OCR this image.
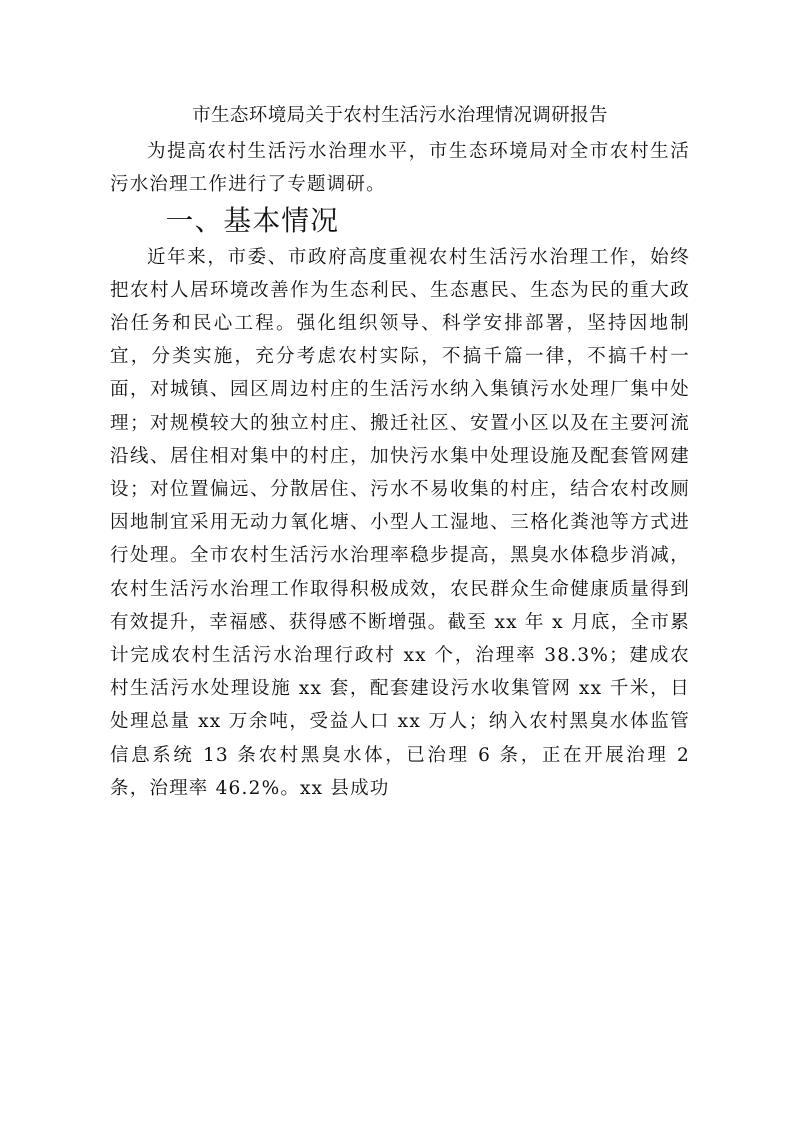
市生态环境局关于农村生活污水治理情况调研报告

为提高农村生活污水治理水平，市生态环境局对全市农村生活污水治理工作进行了专题调研。

一、基本情况

近年来，市委、市政府高度重视农村生活污水治理工作，始终把农村人居环境改善作为生态利民、生态惠民、生态为民的重大政治任务和民心工程。强化组织领导、科学安排部署，坚持因地制宜，分类实施，充分考虑农村实际，不搞千篇一律，不搞千村一面，对城镇、园区周边村庄的生活污水纳入集镇污水处理厂集中处理；对规模较大的独立村庄、搬迁社区、安置小区以及在主要河流沿线、居住相对集中的村庄，加快污水集中处理设施及配套管网建设；对位置偏远、分散居住、污水不易收集的村庄，结合农村改厕因地制宜采用无动力氧化塘、小型人工湿地、三格化粪池等方式进行处理。全市农村生活污水治理率稳步提高，黑臭水体稳步消减，农村生活污水治理工作取得积极成效，农民群众生命健康质量得到有效提升，幸福感、获得感不断增强。截至 xx 年 x 月底，全市累计完成农村生活污水治理行政村 xx 个，治理率 38.3%；建成农村生活污水处理设施 xx 套，配套建设污水收集管网 xx 千米，日处理总量 xx 万余吨，受益人口 xx 万人；纳入农村黑臭水体监管信息系统 13 条农村黑臭水体，已治理 6 条，正在开展治理 2 条，治理率 46.2%。xx 县成功
